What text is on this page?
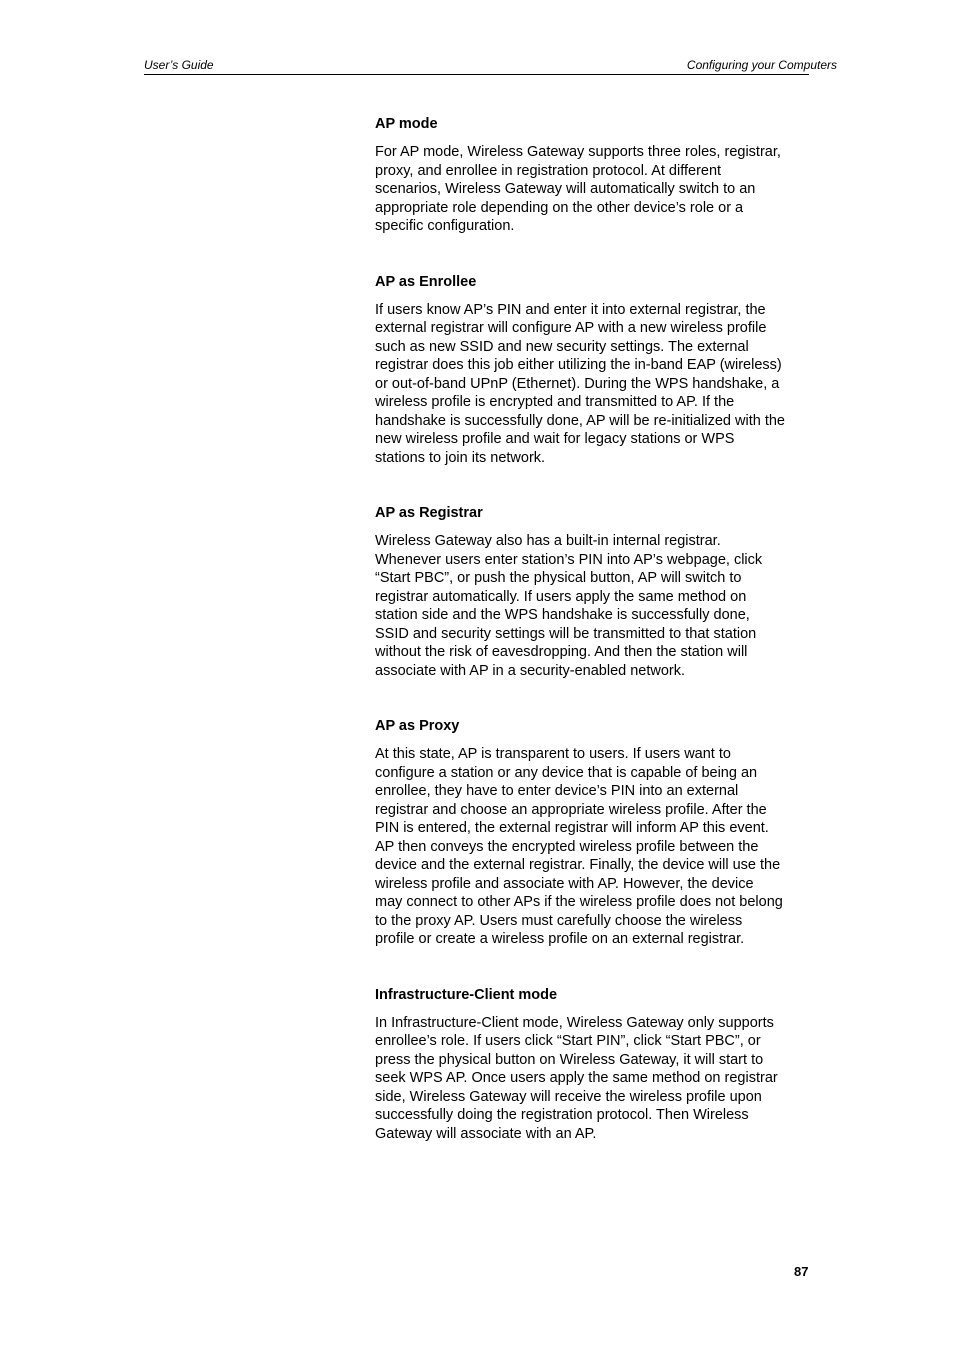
User’s Guide	Configuring your Computers
AP mode

For AP mode, Wireless Gateway supports three roles, registrar,
proxy, and enrollee in registration protocol. At different
scenarios, Wireless Gateway will automatically switch to an
appropriate role depending on the other device’s role or a
specific configuration.

AP as Enrollee

If users know AP’s PIN and enter it into external registrar, the
external registrar will configure AP with a new wireless profile
such as new SSID and new security settings. The external
registrar does this job either utilizing the in-band EAP (wireless)
or out-of-band UPnP (Ethernet). During the WPS handshake, a
wireless profile is encrypted and transmitted to AP. If the
handshake is successfully done, AP will be re-initialized with the
new wireless profile and wait for legacy stations or WPS
stations to join its network.

AP as Registrar

Wireless Gateway also has a built-in internal registrar.
Whenever users enter station’s PIN into AP’s webpage, click
“Start PBC”, or push the physical button, AP will switch to
registrar automatically. If users apply the same method on
station side and the WPS handshake is successfully done,
SSID and security settings will be transmitted to that station
without the risk of eavesdropping. And then the station will
associate with AP in a security-enabled network.

AP as Proxy

At this state, AP is transparent to users. If users want to
configure a station or any device that is capable of being an
enrollee, they have to enter device’s PIN into an external
registrar and choose an appropriate wireless profile. After the
PIN is entered, the external registrar will inform AP this event.
AP then conveys the encrypted wireless profile between the
device and the external registrar. Finally, the device will use the
wireless profile and associate with AP. However, the device
may connect to other APs if the wireless profile does not belong
to the proxy AP. Users must carefully choose the wireless
profile or create a wireless profile on an external registrar.

Infrastructure-Client mode

In Infrastructure-Client mode, Wireless Gateway only supports
enrollee’s role. If users click “Start PIN”, click “Start PBC”, or
press the physical button on Wireless Gateway, it will start to
seek WPS AP. Once users apply the same method on registrar
side, Wireless Gateway will receive the wireless profile upon
successfully doing the registration protocol. Then Wireless
Gateway will associate with an AP.

87
